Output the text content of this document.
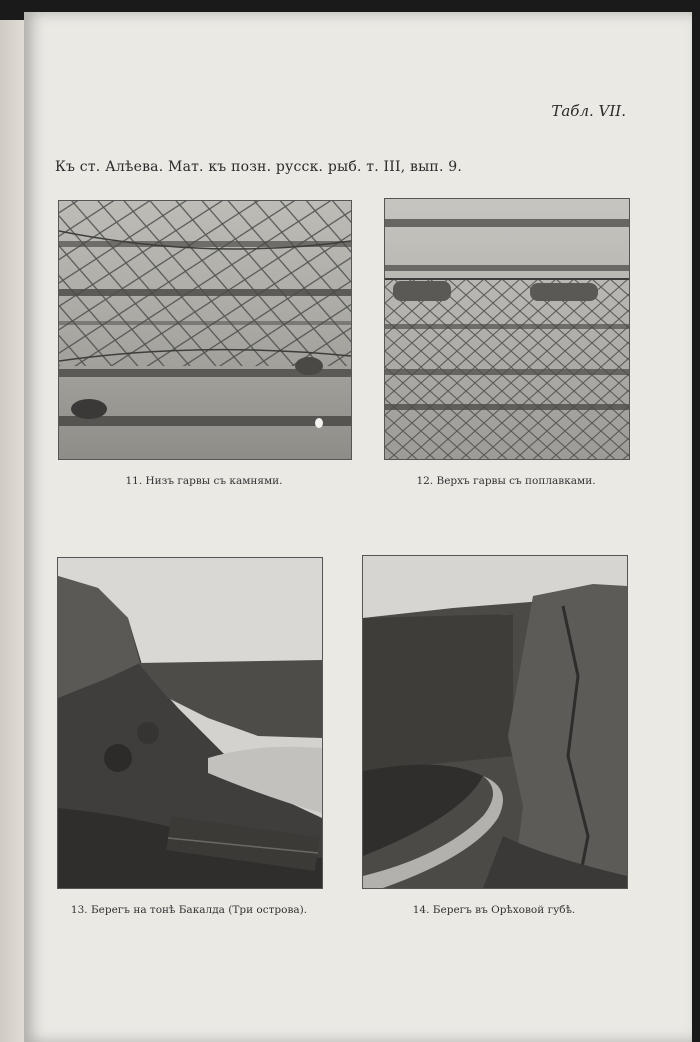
Табл. VII.
Къ ст. Алѣева. Мат. къ позн. русск. рыб. т. III, вып. 9.
11. Низъ гарвы съ камнями.	12. Верхъ гарвы съ поплавками.
13. Берегъ на тонѣ Бакалда (Три острова).	14. Берегъ въ Орѣховой губѣ.
